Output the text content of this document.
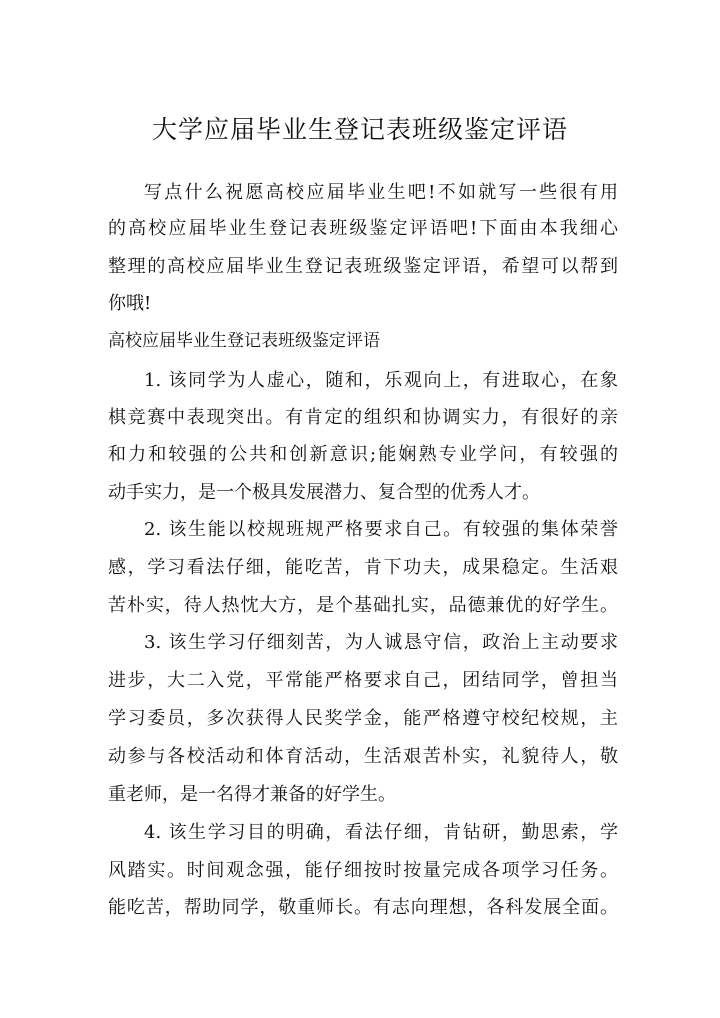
大学应届毕业生登记表班级鉴定评语
写点什么祝愿高校应届毕业生吧!不如就写一些很有用
的高校应届毕业生登记表班级鉴定评语吧!下面由本我细心
整理的高校应届毕业生登记表班级鉴定评语，希望可以帮到
你哦!
高校应届毕业生登记表班级鉴定评语
1. 该同学为人虚心，随和，乐观向上，有进取心，在象
棋竞赛中表现突出。有肯定的组织和协调实力，有很好的亲
和力和较强的公共和创新意识;能娴熟专业学问，有较强的
动手实力，是一个极具发展潜力、复合型的优秀人才。
2. 该生能以校规班规严格要求自己。有较强的集体荣誉
感，学习看法仔细，能吃苦，肯下功夫，成果稳定。生活艰
苦朴实，待人热忱大方，是个基础扎实，品德兼优的好学生。
3. 该生学习仔细刻苦，为人诚恳守信，政治上主动要求
进步，大二入党，平常能严格要求自己，团结同学，曾担当
学习委员，多次获得人民奖学金，能严格遵守校纪校规，主
动参与各校活动和体育活动，生活艰苦朴实，礼貌待人，敬
重老师，是一名得才兼备的好学生。
4. 该生学习目的明确，看法仔细，肯钻研，勤思索，学
风踏实。时间观念强，能仔细按时按量完成各项学习任务。
能吃苦，帮助同学，敬重师长。有志向理想，各科发展全面。
